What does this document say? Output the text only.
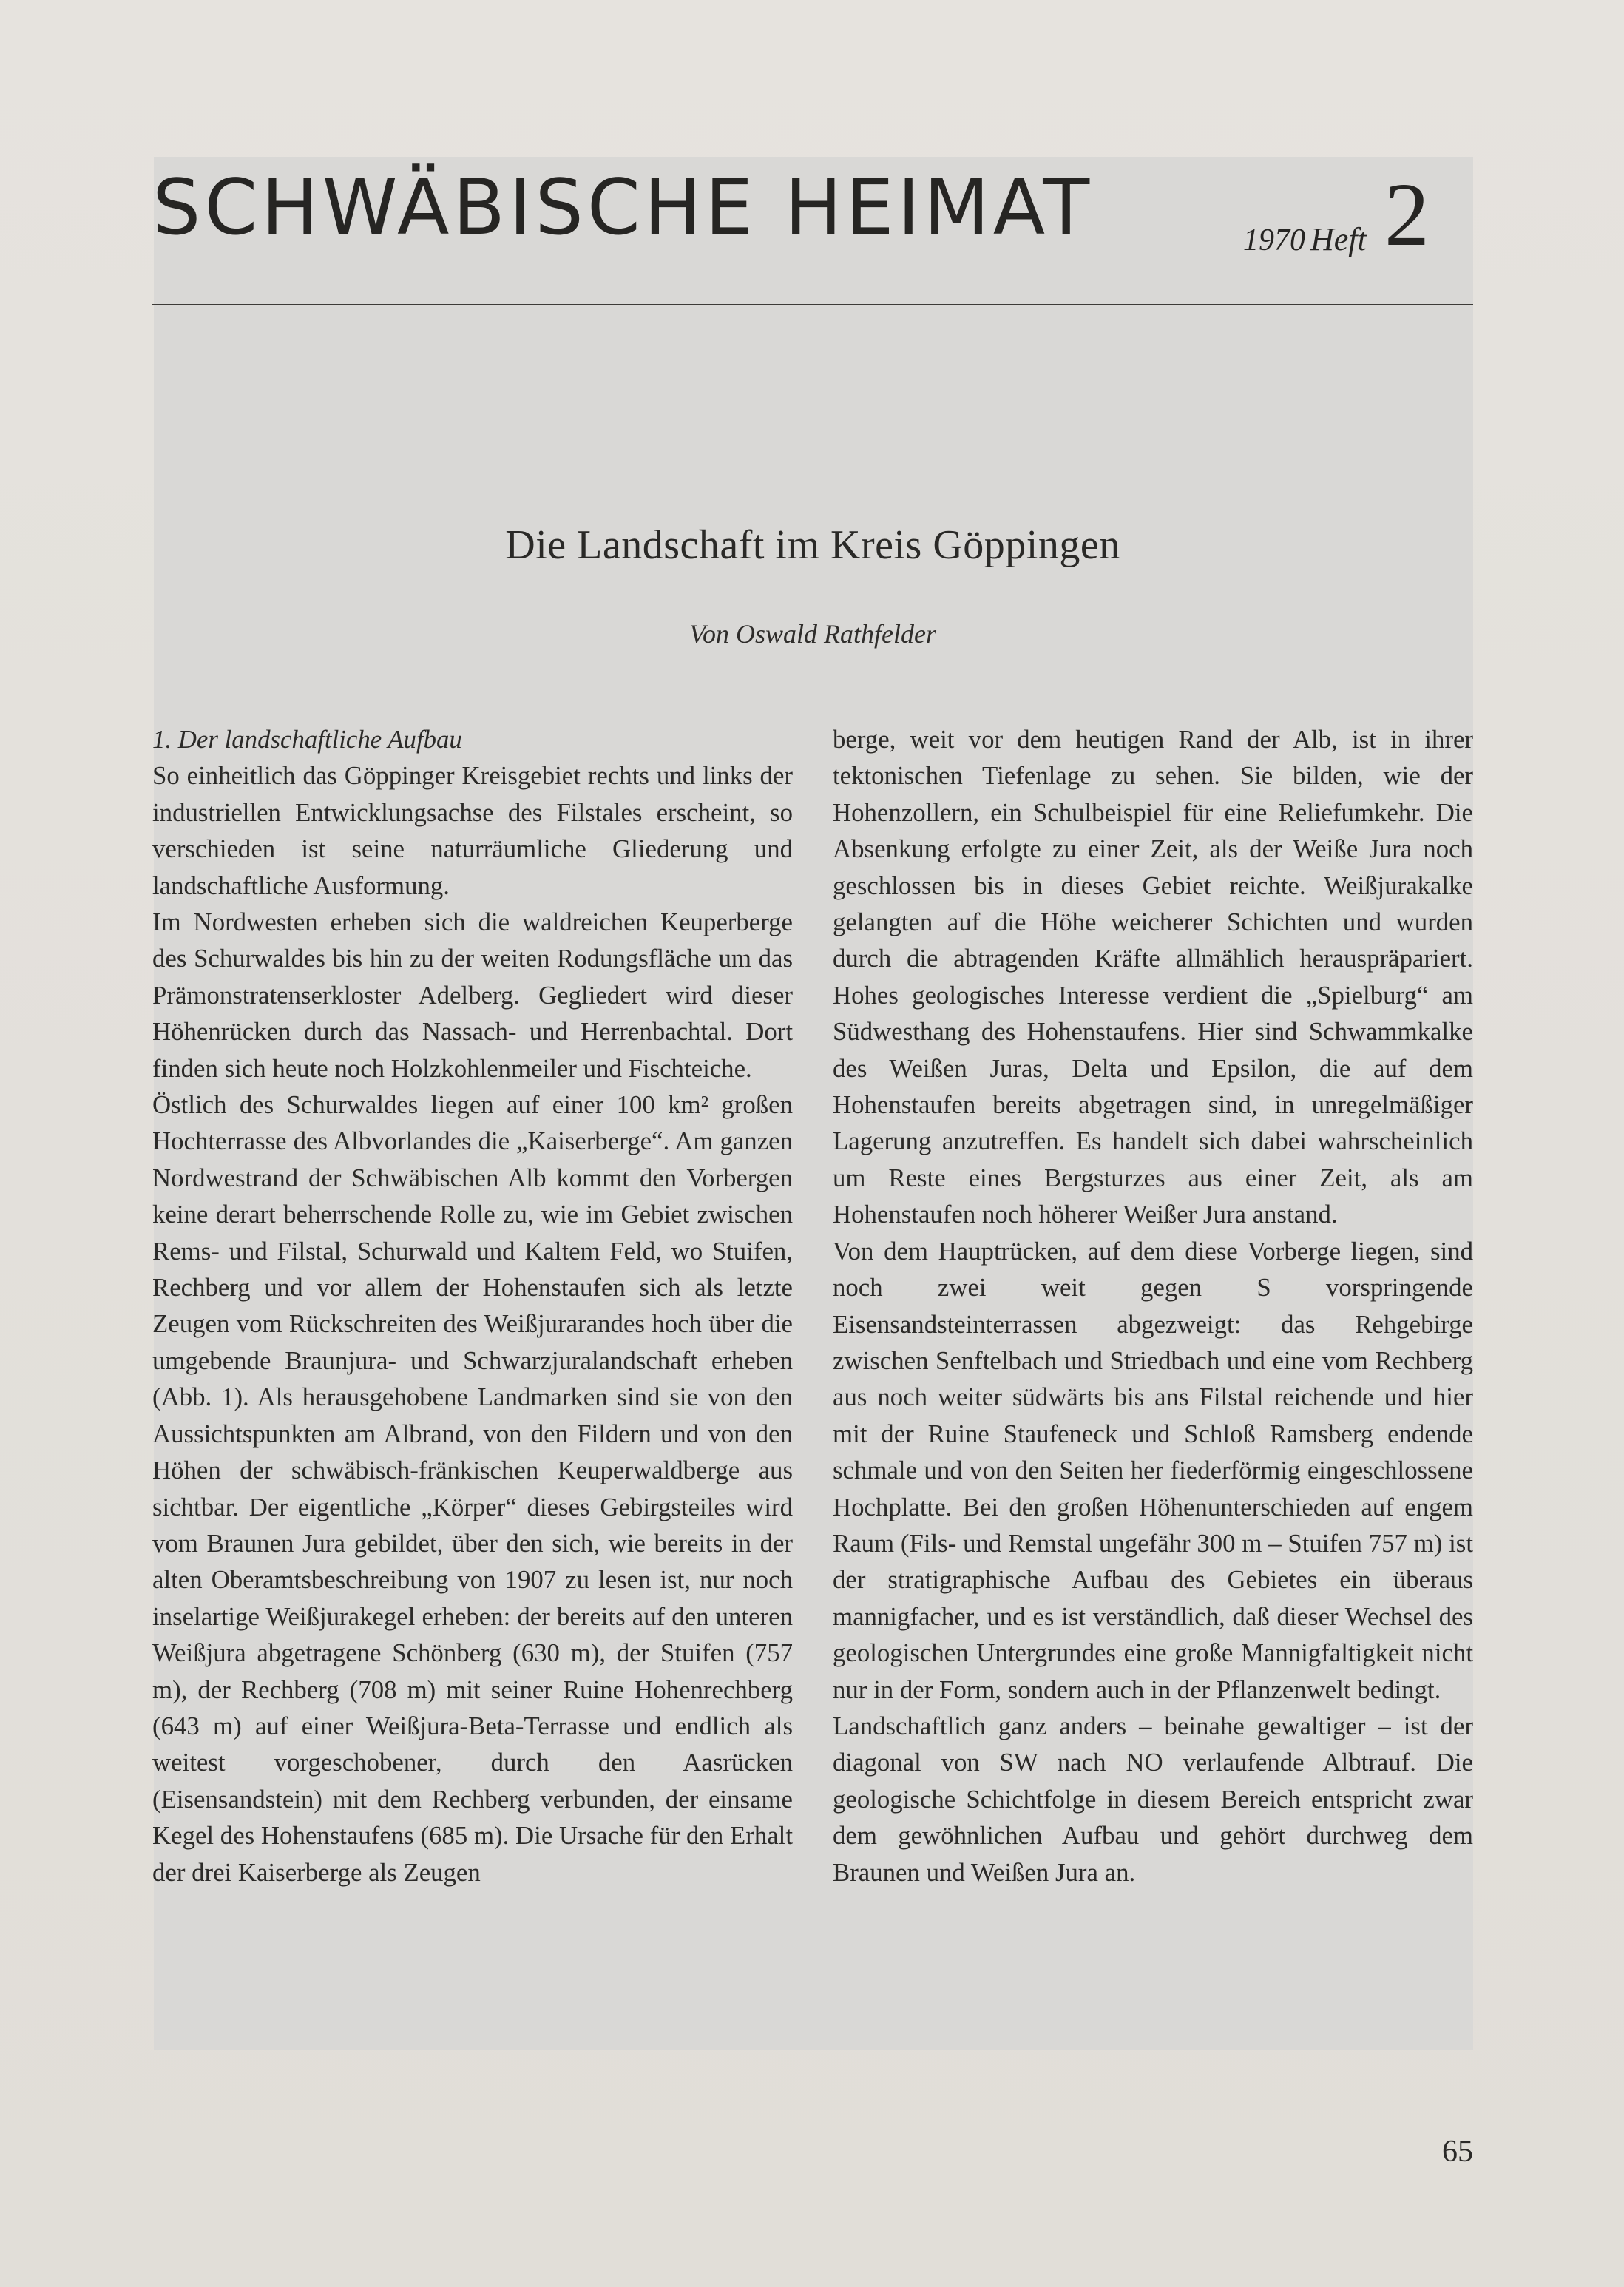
SCHWÄBISCHE HEIMAT	1970 Heft 2
Die Landschaft im Kreis Göppingen
Von Oswald Rathfelder
1. Der landschaftliche Aufbau

So einheitlich das Göppinger Kreisgebiet rechts und links der industriellen Entwicklungsachse des Filstales erscheint, so verschieden ist seine naturräumliche Gliederung und landschaftliche Ausformung.

Im Nordwesten erheben sich die waldreichen Keuperberge des Schurwaldes bis hin zu der weiten Rodungsfläche um das Prämonstratenserkloster Adelberg. Gegliedert wird dieser Höhenrücken durch das Nassach- und Herrenbachtal. Dort finden sich heute noch Holzkohlenmeiler und Fischteiche.

Östlich des Schurwaldes liegen auf einer 100 km² großen Hochterrasse des Albvorlandes die „Kaiserberge“. Am ganzen Nordwestrand der Schwäbischen Alb kommt den Vorbergen keine derart beherrschende Rolle zu, wie im Gebiet zwischen Rems- und Filstal, Schurwald und Kaltem Feld, wo Stuifen, Rechberg und vor allem der Hohenstaufen sich als letzte Zeugen vom Rückschreiten des Weißjurarandes hoch über die umgebende Braunjura- und Schwarzjuralandschaft erheben (Abb. 1). Als herausgehobene Landmarken sind sie von den Aussichtspunkten am Albrand, von den Fildern und von den Höhen der schwäbisch-fränkischen Keuperwaldberge aus sichtbar. Der eigentliche „Körper“ dieses Gebirgsteiles wird vom Braunen Jura gebildet, über den sich, wie bereits in der alten Oberamtsbeschreibung von 1907 zu lesen ist, nur noch inselartige Weißjurakegel erheben: der bereits auf den unteren Weißjura abgetragene Schönberg (630 m), der Stuifen (757 m), der Rechberg (708 m) mit seiner Ruine Hohenrechberg (643 m) auf einer Weißjura-Beta-Terrasse und endlich als weitest vorgeschobener, durch den Aasrücken (Eisensandstein) mit dem Rechberg verbunden, der einsame Kegel des Hohenstaufens (685 m). Die Ursache für den Erhalt der drei Kaiserberge als Zeugen

berge, weit vor dem heutigen Rand der Alb, ist in ihrer tektonischen Tiefenlage zu sehen. Sie bilden, wie der Hohenzollern, ein Schulbeispiel für eine Reliefumkehr. Die Absenkung erfolgte zu einer Zeit, als der Weiße Jura noch geschlossen bis in dieses Gebiet reichte. Weißjurakalke gelangten auf die Höhe weicherer Schichten und wurden durch die abtragenden Kräfte allmählich herauspräpariert. Hohes geologisches Interesse verdient die „Spielburg“ am Südwesthang des Hohenstaufens. Hier sind Schwammkalke des Weißen Juras, Delta und Epsilon, die auf dem Hohenstaufen bereits abgetragen sind, in unregelmäßiger Lagerung anzutreffen. Es handelt sich dabei wahrscheinlich um Reste eines Bergsturzes aus einer Zeit, als am Hohenstaufen noch höherer Weißer Jura anstand.

Von dem Hauptrücken, auf dem diese Vorberge liegen, sind noch zwei weit gegen S vorspringende Eisensandsteinterrassen abgezweigt: das Rehgebirge zwischen Senftelbach und Striedbach und eine vom Rechberg aus noch weiter südwärts bis ans Filstal reichende und hier mit der Ruine Staufeneck und Schloß Ramsberg endende schmale und von den Seiten her fiederförmig eingeschlossene Hochplatte. Bei den großen Höhenunterschieden auf engem Raum (Fils- und Remstal ungefähr 300 m – Stuifen 757 m) ist der stratigraphische Aufbau des Gebietes ein überaus mannigfacher, und es ist verständlich, daß dieser Wechsel des geologischen Untergrundes eine große Mannigfaltigkeit nicht nur in der Form, sondern auch in der Pflanzenwelt bedingt.

Landschaftlich ganz anders – beinahe gewaltiger – ist der diagonal von SW nach NO verlaufende Albtrauf. Die geologische Schichtfolge in diesem Bereich entspricht zwar dem gewöhnlichen Aufbau und gehört durchweg dem Braunen und Weißen Jura an.

65
